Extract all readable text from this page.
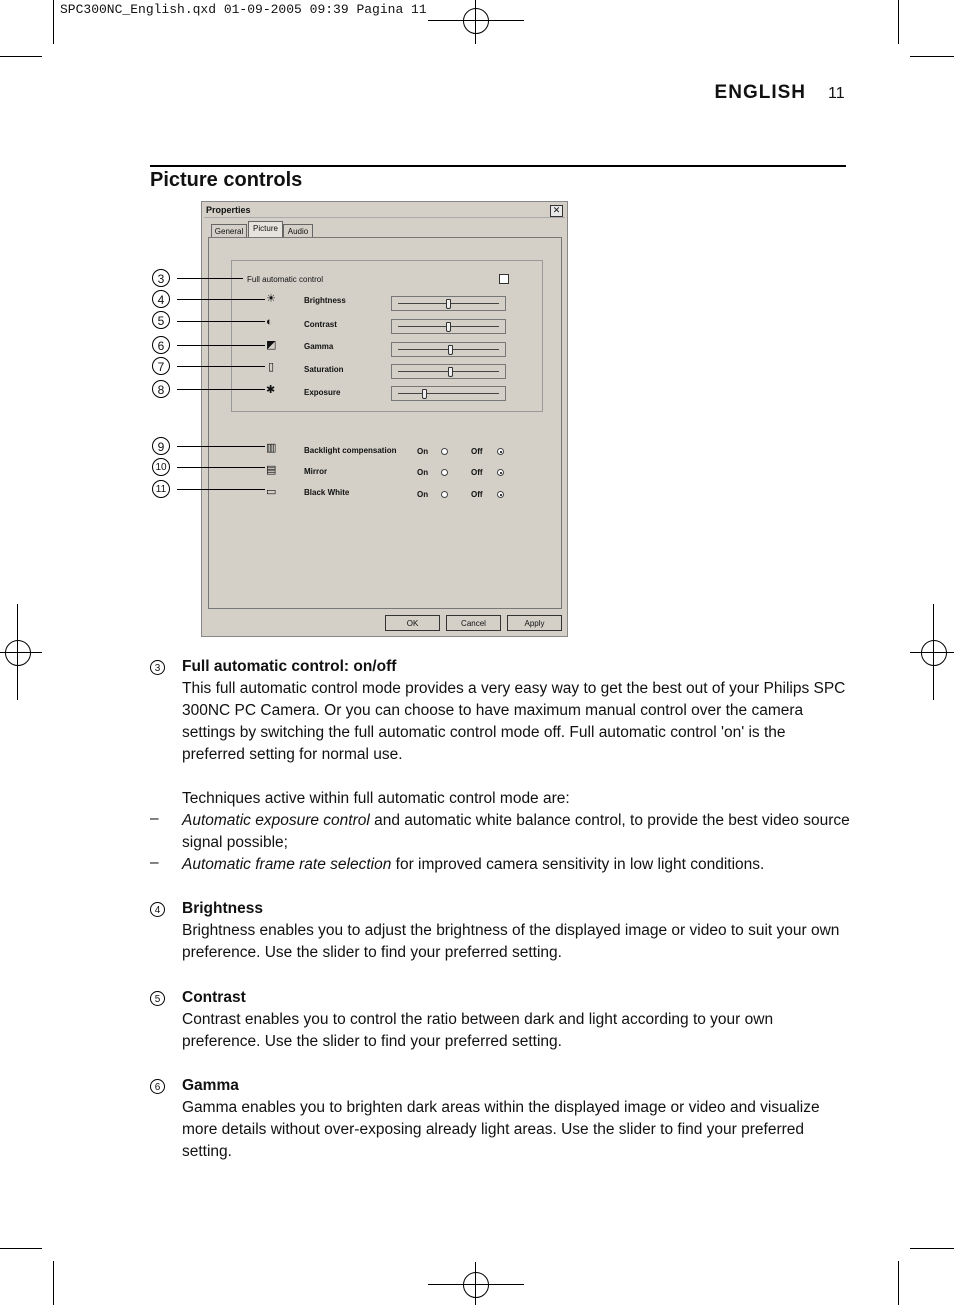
SPC300NC_English.qxd 01-09-2005 09:39 Pagina 11
ENGLISH 11
Picture controls
Properties	✕
General	Picture	Audio
Full automatic control
☀	Brightness
◐	Contrast
◩	Gamma
▯	Saturation
✱	Exposure
▥	Backlight compensation	On	Off
▤	Mirror	On	Off
▭	Black White	On	Off
OK	Cancel	Apply
3
4
5
6
7
8
9
10
11
3	Full automatic control: on/off
This full automatic control mode provides a very easy way to get the best out of your Philips SPC 300NC PC Camera. Or you can choose to have maximum manual control over the camera settings by switching the full automatic control mode off. Full automatic control 'on' is the preferred setting for normal use.
Techniques active within full automatic control mode are:
– Automatic exposure control and automatic white balance control, to provide the best video source signal possible;
– Automatic frame rate selection for improved camera sensitivity in low light conditions.
4	Brightness
Brightness enables you to adjust the brightness of the displayed image or video to suit your own preference. Use the slider to find your preferred setting.
5	Contrast
Contrast enables you to control the ratio between dark and light according to your own preference. Use the slider to find your preferred setting.
6	Gamma
Gamma enables you to brighten dark areas within the displayed image or video and visualize more details without over-exposing already light areas. Use the slider to find your preferred setting.
